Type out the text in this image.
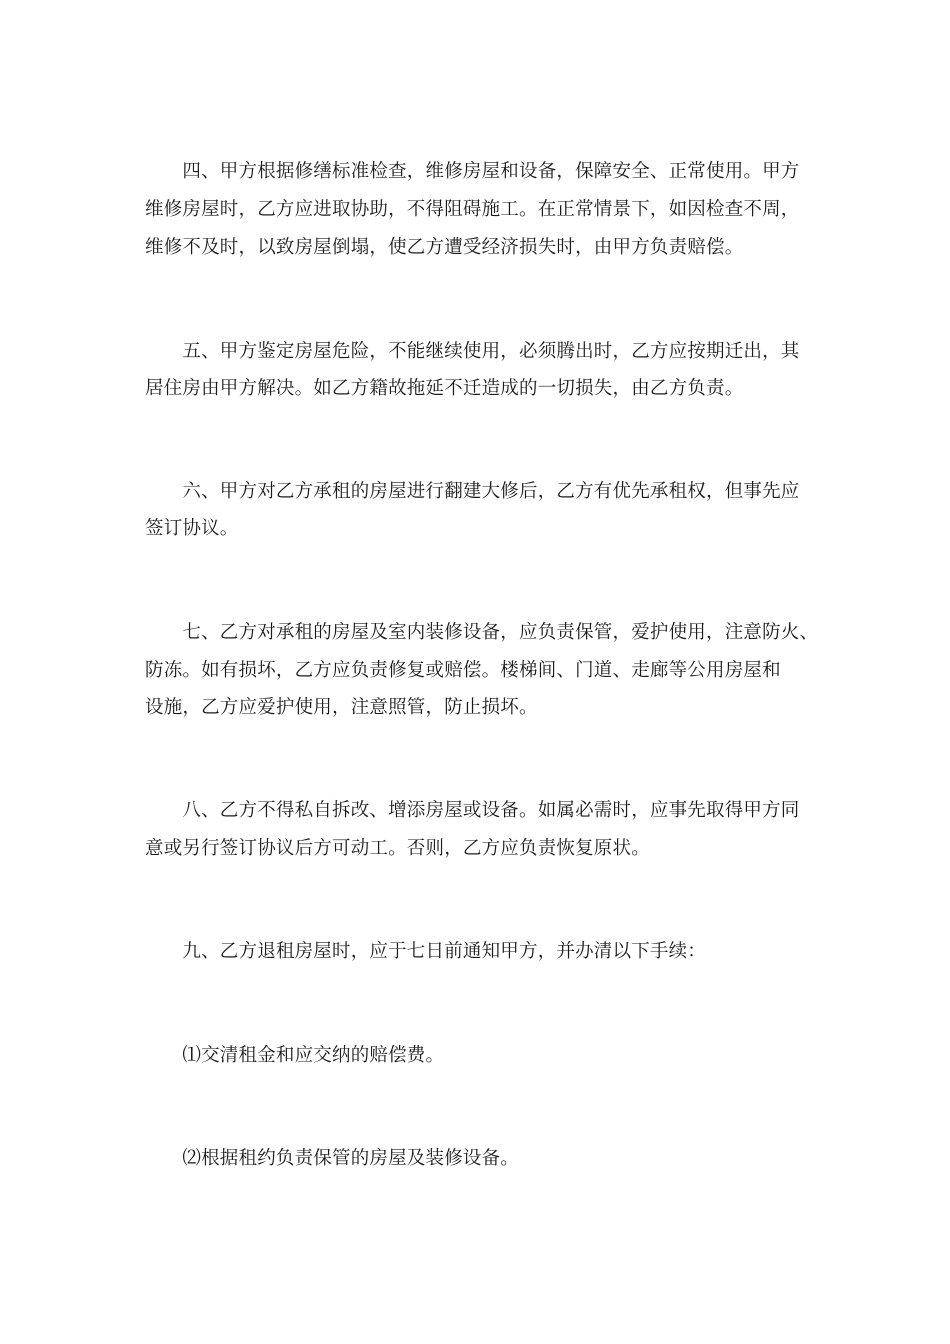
　　四、甲方根据修缮标准检查，维修房屋和设备，保障安全、正常使用。甲方
维修房屋时，乙方应进取协助，不得阻碍施工。在正常情景下，如因检查不周，
维修不及时，以致房屋倒塌，使乙方遭受经济损失时，由甲方负责赔偿。
　　五、甲方鉴定房屋危险，不能继续使用，必须腾出时，乙方应按期迁出，其
居住房由甲方解决。如乙方籍故拖延不迁造成的一切损失，由乙方负责。
　　六、甲方对乙方承租的房屋进行翻建大修后，乙方有优先承租权，但事先应
签订协议。
　　七、乙方对承租的房屋及室内装修设备，应负责保管，爱护使用，注意防火、
防冻。如有损坏，乙方应负责修复或赔偿。楼梯间、门道、走廊等公用房屋和
设施，乙方应爱护使用，注意照管，防止损坏。
　　八、乙方不得私自拆改、增添房屋或设备。如属必需时，应事先取得甲方同
意或另行签订协议后方可动工。否则，乙方应负责恢复原状。
　　九、乙方退租房屋时，应于七日前通知甲方，并办清以下手续：
　　⑴交清租金和应交纳的赔偿费。
　　⑵根据租约负责保管的房屋及装修设备。
